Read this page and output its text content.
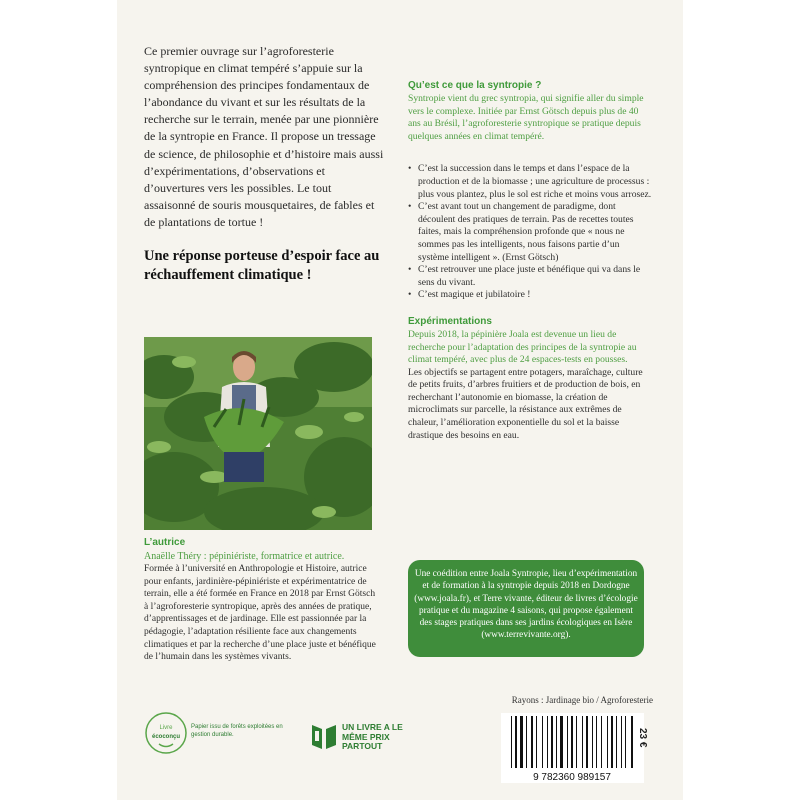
Ce premier ouvrage sur l’agroforesterie syntropique en climat tempéré s’appuie sur la compréhension des principes fondamentaux de l’abondance du vivant et sur les résultats de la recherche sur le terrain, menée par une pionnière de la syntropie en France. Il propose un tressage de science, de philosophie et d’histoire mais aussi d’expérimentations, d’observations et d’ouvertures vers les possibles. Le tout assaisonné de souris mousquetaires, de fables et de plantations de tortue !

Une réponse porteuse d’espoir face au réchauffement climatique !

L’autrice

Anaëlle Théry : pépiniériste, formatrice et autrice.

Formée à l’université en Anthropologie et Histoire, autrice pour enfants, jardinière-pépiniériste et expérimentatrice de terrain, elle a été formée en France en 2018 par Ernst Götsch à l’agroforesterie syntropique, après des années de pratique, d’apprentissages et de jardinage. Elle est passionnée par la pédagogie, l’adaptation résiliente face aux changements climatiques et par la recherche d’une place juste et bénéfique de l’humain dans les systèmes vivants.

Qu’est ce que la syntropie ?

Syntropie vient du grec syntropia, qui signifie aller du simple vers le complexe. Initiée par Ernst Götsch depuis plus de 40 ans au Brésil, l’agroforesterie syntropique se pratique depuis quelques années en climat tempéré.

• C’est la succession dans le temps et dans l’espace de la production et de la biomasse ; une agriculture de processus : plus vous plantez, plus le sol est riche et moins vous arrosez.
• C’est avant tout un changement de paradigme, dont découlent des pratiques de terrain. Pas de recettes toutes faites, mais la compréhension profonde que « nous ne sommes pas les intelligents, nous faisons partie d’un système intelligent ». (Ernst Götsch)
• C’est retrouver une place juste et bénéfique qui va dans le sens du vivant.
• C’est magique et jubilatoire !

Expérimentations

Depuis 2018, la pépinière Joala est devenue un lieu de recherche pour l’adaptation des principes de la syntropie au climat tempéré, avec plus de 24 espaces-tests en pousses.

Les objectifs se partagent entre potagers, maraîchage, culture de petits fruits, d’arbres fruitiers et de production de bois, en recherchant l’autonomie en biomasse, la création de microclimats sur parcelle, la résistance aux extrêmes de chaleur, l’amélioration exponentielle du sol et la baisse drastique des besoins en eau.

Une coédition entre Joala Syntropie, lieu d’expérimentation et de formation à la syntropie depuis 2018 en Dordogne (www.joala.fr), et Terre vivante, éditeur de livres d’écologie pratique et du magazine 4 saisons, qui propose également des stages pratiques dans ses jardins écologiques en Isère (www.terrevivante.org).
Rayons : Jardinage bio / Agroforesterie
9 782360 989157
23 €
Livre
écoconçu
Papier issu de forêts exploitées en gestion durable.
UN LIVRE A LE MÊME PRIX PARTOUT
